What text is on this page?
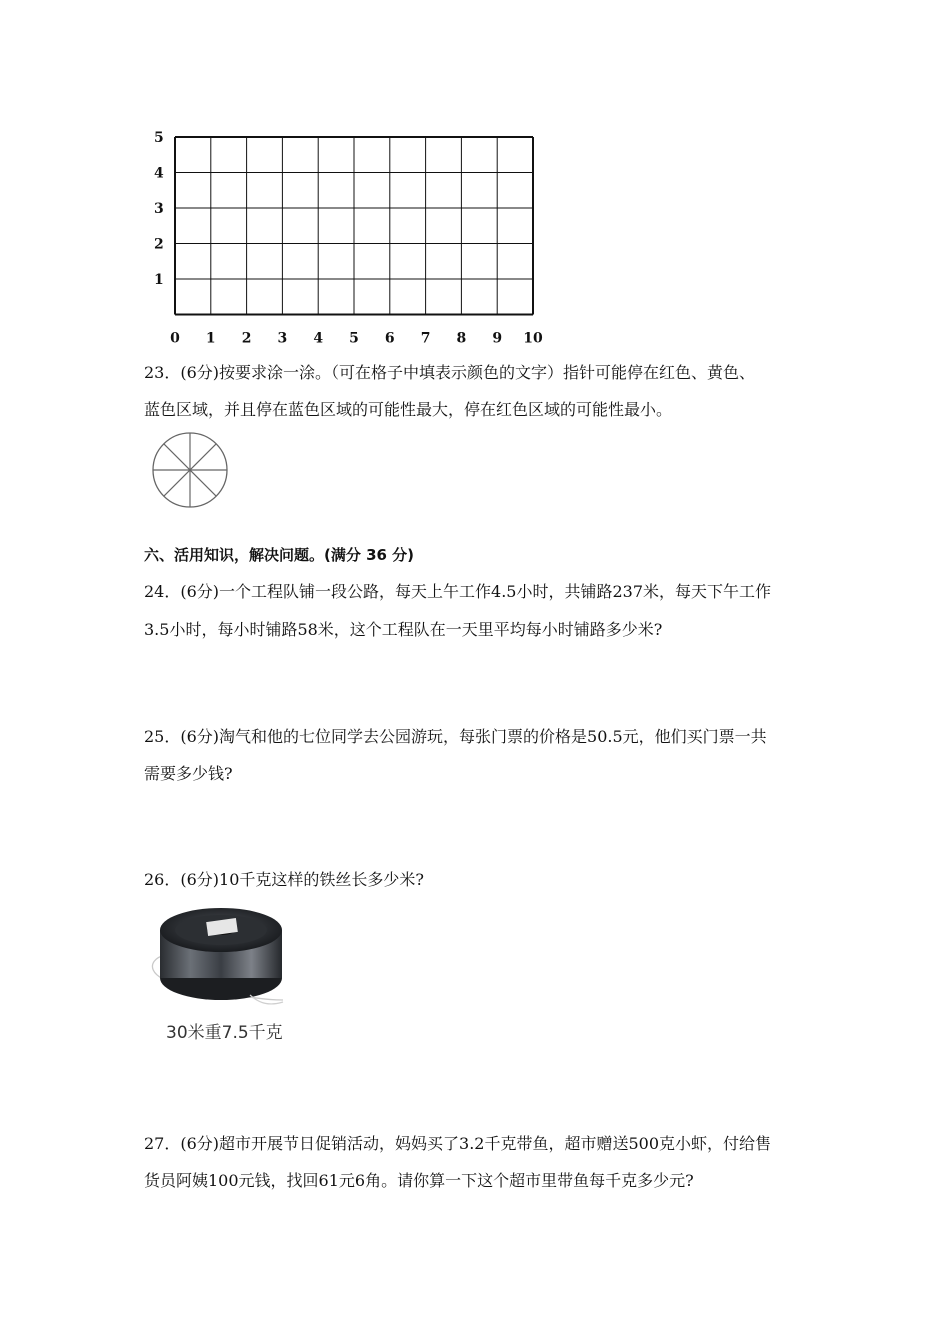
5
4
3
2
1
0 1 2 3 4 5 6 7 8 9 10
23．(6分)按要求涂一涂。（可在格子中填表示颜色的文字）指针可能停在红色、黄色、
蓝色区域，并且停在蓝色区域的可能性最大，停在红色区域的可能性最小。
六、活用知识，解决问题。(满分 36 分)
24．(6分)一个工程队铺一段公路，每天上午工作4.5小时，共铺路237米，每天下午工作
3.5小时，每小时铺路58米，这个工程队在一天里平均每小时铺路多少米?
25．(6分)淘气和他的七位同学去公园游玩，每张门票的价格是50.5元，他们买门票一共
需要多少钱?
26．(6分)10千克这样的铁丝长多少米?
30米重7.5千克
27．(6分)超市开展节日促销活动，妈妈买了3.2千克带鱼，超市赠送500克小虾，付给售
货员阿姨100元钱，找回61元6角。请你算一下这个超市里带鱼每千克多少元?
